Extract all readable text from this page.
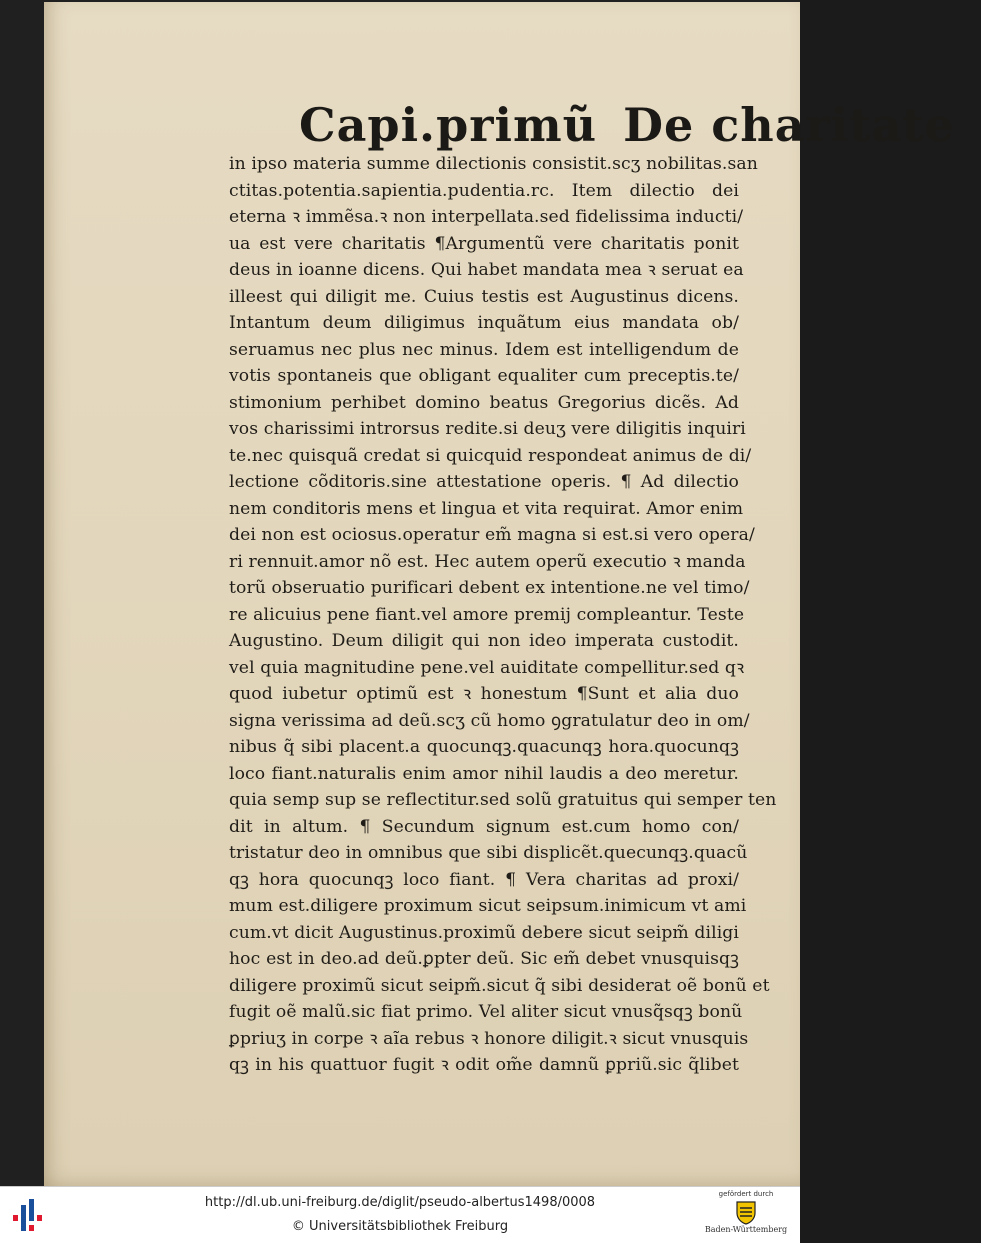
Capi.primũ De charitate
in ipso materia summe dilectionis consistit.scʒ nobilitas.san
ctitas.potentia.sapientia.pudentia.rc. Item dilectio dei
eterna ꝛ immẽsa.ꝛ non interpellata.sed fidelissima inducti/
ua est vere charitatis ¶Argumentũ vere charitatis ponit
deus in ioanne dicens. Qui habet mandata mea ꝛ seruat ea
illeest qui diligit me. Cuius testis est Augustinus dicens.
Intantum deum diligimus inquãtum eius mandata ob/
seruamus nec plus nec minus. Idem est intelligendum de
votis spontaneis que obligant equaliter cum preceptis.te/
stimonium perhibet domino beatus Gregorius dicẽs. Ad
vos charissimi introrsus redite.si deuʒ vere diligitis inquiri
te.nec quisquã credat si quicquid respondeat animus de di/
lectione cõditoris.sine attestatione operis. ¶ Ad dilectio
nem conditoris mens et lingua et vita requirat. Amor enim
dei non est ociosus.operatur em̃ magna si est.si vero opera/
ri rennuit.amor nõ est. Hec autem operũ executio ꝛ manda
torũ obseruatio purificari debent ex intentione.ne vel timo/
re alicuius pene fiant.vel amore premij compleantur. Teste
Augustino. Deum diligit qui non ideo imperata custodit.
vel quia magnitudine pene.vel auiditate compellitur.sed qꝛ
quod iubetur optimũ est ꝛ honestum ¶Sunt et alia duo
signa verissima ad deũ.scʒ cũ homo ꝯgratulatur deo in om/
nibus q̃ sibi placent.a quocunqꝫ.quacunqꝫ hora.quocunqꝫ
loco fiant.naturalis enim amor nihil laudis a deo meretur.
quia semp sup se reflectitur.sed solũ gratuitus qui semper ten
dit in altum. ¶ Secundum signum est.cum homo con/
tristatur deo in omnibus que sibi displicẽt.quecunqꝫ.quacũ
qꝫ hora quocunqꝫ loco fiant. ¶ Vera charitas ad proxi/
mum est.diligere proximum sicut seipsum.inimicum vt ami
cum.vt dicit Augustinus.proximũ debere sicut seipm̃ diligi
hoc est in deo.ad deũ.ꝑpter deũ. Sic em̃ debet vnusquisqꝫ
diligere proximũ sicut seipm̃.sicut q̃ sibi desiderat oẽ bonũ et
fugit oẽ malũ.sic fiat primo. Vel aliter sicut vnusq̃sqꝫ bonũ
ꝑpriuʒ in corpe ꝛ aĩa rebus ꝛ honore diligit.ꝛ sicut vnusquis
qꝫ in his quattuor fugit ꝛ odit om̃e damnũ ꝑpriũ.sic q̃libet
http://dl.ub.uni-freiburg.de/diglit/pseudo-albertus1498/0008
© Universitätsbibliothek Freiburg
gefördert durch
Baden-Württemberg
